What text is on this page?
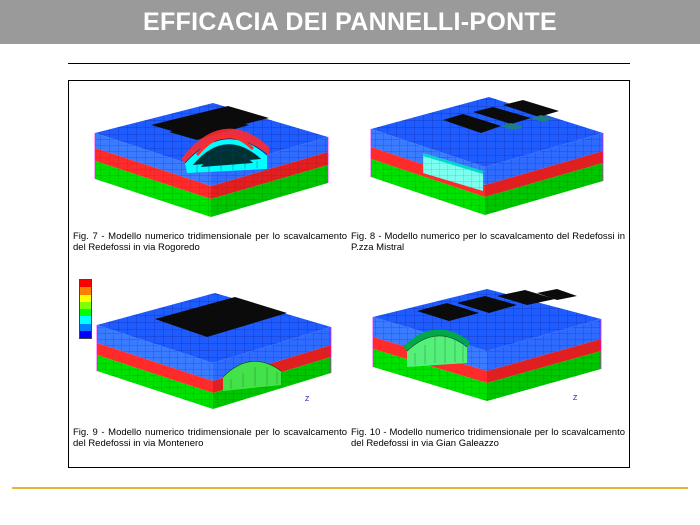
EFFICACIA DEI PANNELLI-PONTE
Fig. 7 - Modello numerico tridimensionale per lo scavalcamento del Redefossi in via Rogoredo
Fig. 8 - Modello numerico per lo scavalcamento del Redefossi in P.zza Mistral
Z
Fig. 9 - Modello numerico tridimensionale per lo scavalcamento del Redefossi in via Montenero
Z
Fig. 10 - Modello numerico tridimensionale per lo scavalcamento del Redefossi in via Gian Galeazzo
